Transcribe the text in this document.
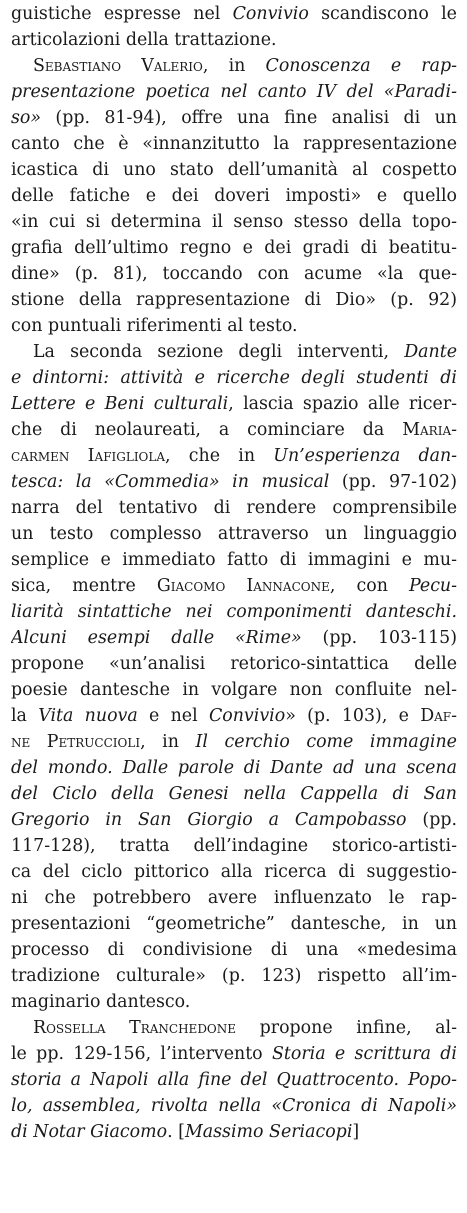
guistiche espresse nel Convivio scandiscono le
articolazioni della trattazione.
Sebastiano Valerio, in Conoscenza e rap-
presentazione poetica nel canto IV del «Paradi-
so» (pp. 81-94), offre una fine analisi di un
canto che è «innanzitutto la rappresentazione
icastica di uno stato dell’umanità al cospetto
delle fatiche e dei doveri imposti» e quello
«in cui si determina il senso stesso della topo-
grafia dell’ultimo regno e dei gradi di beatitu-
dine» (p. 81), toccando con acume «la que-
stione della rappresentazione di Dio» (p. 92)
con puntuali riferimenti al testo.
La seconda sezione degli interventi, Dante
e dintorni: attività e ricerche degli studenti di
Lettere e Beni culturali, lascia spazio alle ricer-
che di neolaureati, a cominciare da Maria-
carmen Iafigliola, che in Un’esperienza dan-
tesca: la «Commedia» in musical (pp. 97-102)
narra del tentativo di rendere comprensibile
un testo complesso attraverso un linguaggio
semplice e immediato fatto di immagini e mu-
sica, mentre Giacomo Iannacone, con Pecu-
liarità sintattiche nei componimenti danteschi.
Alcuni esempi dalle «Rime» (pp. 103-115)
propone «un’analisi retorico-sintattica delle
poesie dantesche in volgare non confluite nel-
la Vita nuova e nel Convivio» (p. 103), e Daf-
ne Petruccioli, in Il cerchio come immagine
del mondo. Dalle parole di Dante ad una scena
del Ciclo della Genesi nella Cappella di San
Gregorio in San Giorgio a Campobasso (pp.
117-128), tratta dell’indagine storico-artisti-
ca del ciclo pittorico alla ricerca di suggestio-
ni che potrebbero avere influenzato le rap-
presentazioni “geometriche” dantesche, in un
processo di condivisione di una «medesima
tradizione culturale» (p. 123) rispetto all’im-
maginario dantesco.
Rossella Tranchedone propone infine, al-
le pp. 129-156, l’intervento Storia e scrittura di
storia a Napoli alla fine del Quattrocento. Popo-
lo, assemblea, rivolta nella «Cronica di Napoli»
di Notar Giacomo. [Massimo Seriacopi]
